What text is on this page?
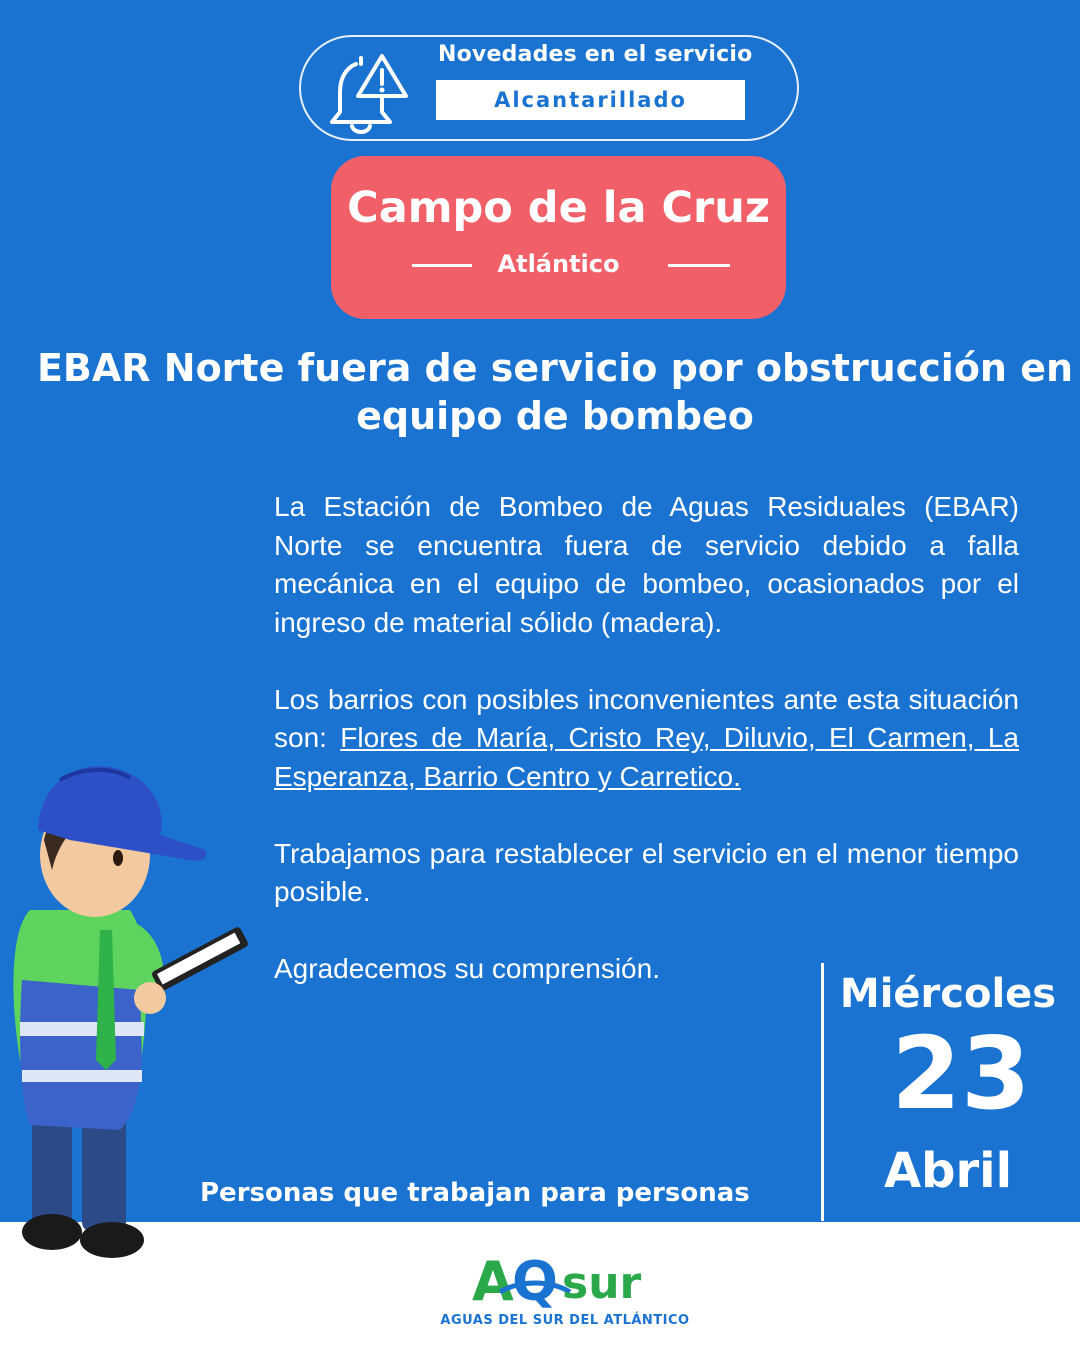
Novedades en el servicio
Alcantarillado
Campo de la Cruz
Atlántico
EBAR Norte fuera de servicio por obstrucción en equipo de bombeo

La Estación de Bombeo de Aguas Residuales (EBAR) Norte se encuentra fuera de servicio debido a falla mecánica en el equipo de bombeo, ocasionados por el ingreso de material sólido (madera).

Los barrios con posibles inconvenientes ante esta situación son: Flores de María, Cristo Rey, Diluvio, El Carmen, La Esperanza, Barrio Centro y Carretico.

Trabajamos para restablecer el servicio en el menor tiempo posible.

Agradecemos su comprensión.

Miércoles
23
Abril
Personas que trabajan para personas
A
Q sur
AGUAS DEL SUR DEL ATLÁNTICO
